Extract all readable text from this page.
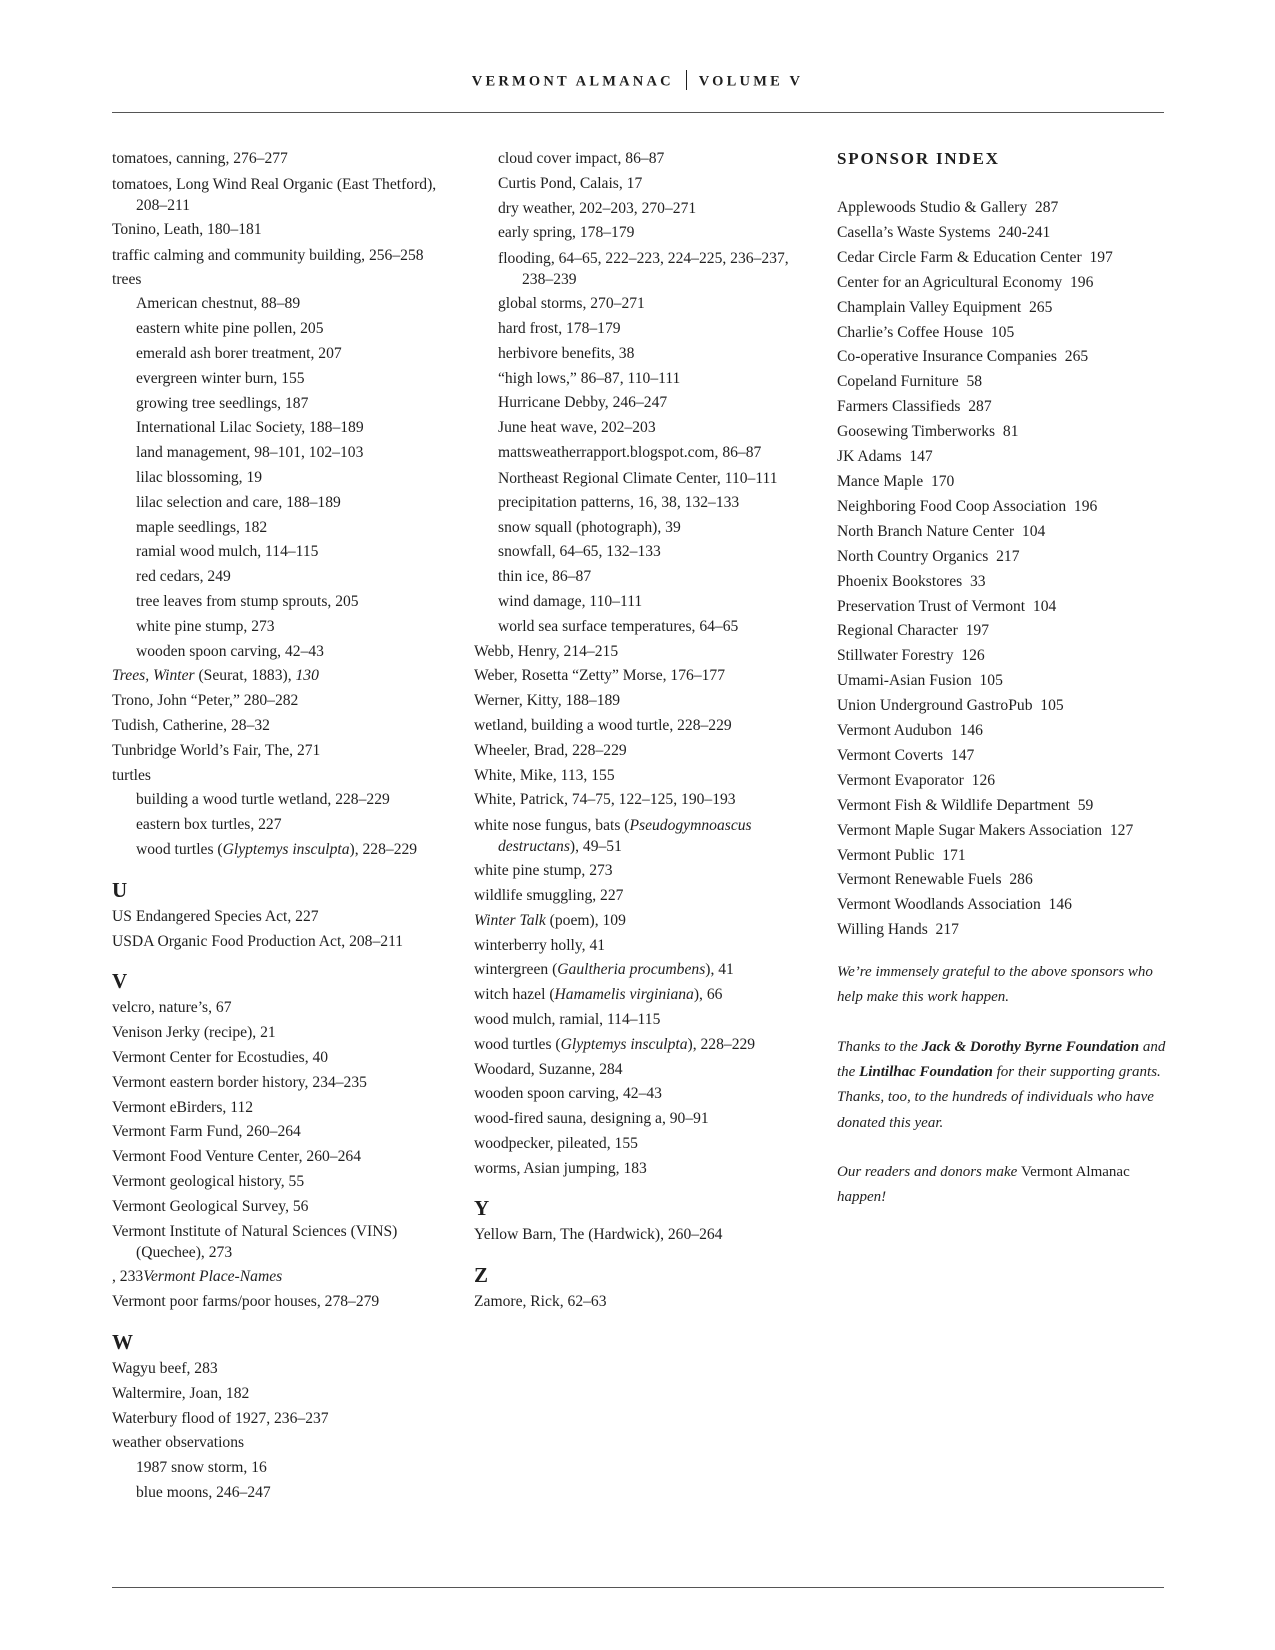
VERMONT ALMANAC VOLUME V
tomatoes, canning, 276–277
tomatoes, Long Wind Real Organic (East Thetford), 208–211
Tonino, Leath, 180–181
traffic calming and community building, 256–258
trees
American chestnut, 88–89
eastern white pine pollen, 205
emerald ash borer treatment, 207
evergreen winter burn, 155
growing tree seedlings, 187
International Lilac Society, 188–189
land management, 98–101, 102–103
lilac blossoming, 19
lilac selection and care, 188–189
maple seedlings, 182
ramial wood mulch, 114–115
red cedars, 249
tree leaves from stump sprouts, 205
white pine stump, 273
wooden spoon carving, 42–43
Trees, Winter (Seurat, 1883), 130
Trono, John “Peter,” 280–282
Tudish, Catherine, 28–32
Tunbridge World’s Fair, The, 271
turtles
building a wood turtle wetland, 228–229
eastern box turtles, 227
wood turtles (Glyptemys insculpta), 228–229
U
US Endangered Species Act, 227
USDA Organic Food Production Act, 208–211
V
velcro, nature’s, 67
Venison Jerky (recipe), 21
Vermont Center for Ecostudies, 40
Vermont eastern border history, 234–235
Vermont eBirders, 112
Vermont Farm Fund, 260–264
Vermont Food Venture Center, 260–264
Vermont geological history, 55
Vermont Geological Survey, 56
Vermont Institute of Natural Sciences (VINS) (Quechee), 273
, 233Vermont Place-Names
Vermont poor farms/poor houses, 278–279
W
Wagyu beef, 283
Waltermire, Joan, 182
Waterbury flood of 1927, 236–237
weather observations
1987 snow storm, 16
blue moons, 246–247
cloud cover impact, 86–87
Curtis Pond, Calais, 17
dry weather, 202–203, 270–271
early spring, 178–179
flooding, 64–65, 222–223, 224–225, 236–237, 238–239
global storms, 270–271
hard frost, 178–179
herbivore benefits, 38
“high lows,” 86–87, 110–111
Hurricane Debby, 246–247
June heat wave, 202–203
mattsweatherrapport.blogspot.com, 86–87
Northeast Regional Climate Center, 110–111
precipitation patterns, 16, 38, 132–133
snow squall (photograph), 39
snowfall, 64–65, 132–133
thin ice, 86–87
wind damage, 110–111
world sea surface temperatures, 64–65
Webb, Henry, 214–215
Weber, Rosetta “Zetty” Morse, 176–177
Werner, Kitty, 188–189
wetland, building a wood turtle, 228–229
Wheeler, Brad, 228–229
White, Mike, 113, 155
White, Patrick, 74–75, 122–125, 190–193
white nose fungus, bats (Pseudogymnoascus destructans), 49–51
white pine stump, 273
wildlife smuggling, 227
Winter Talk (poem), 109
winterberry holly, 41
wintergreen (Gaultheria procumbens), 41
witch hazel (Hamamelis virginiana), 66
wood mulch, ramial, 114–115
wood turtles (Glyptemys insculpta), 228–229
Woodard, Suzanne, 284
wooden spoon carving, 42–43
wood-fired sauna, designing a, 90–91
woodpecker, pileated, 155
worms, Asian jumping, 183
Y
Yellow Barn, The (Hardwick), 260–264
Z
Zamore, Rick, 62–63
SPONSOR INDEX
Applewoods Studio & Gallery  287
Casella’s Waste Systems  240-241
Cedar Circle Farm & Education Center  197
Center for an Agricultural Economy  196
Champlain Valley Equipment  265
Charlie’s Coffee House  105
Co-operative Insurance Companies  265
Copeland Furniture  58
Farmers Classifieds  287
Goosewing Timberworks  81
JK Adams  147
Mance Maple  170
Neighboring Food Coop Association  196
North Branch Nature Center  104
North Country Organics  217
Phoenix Bookstores  33
Preservation Trust of Vermont  104
Regional Character  197
Stillwater Forestry  126
Umami-Asian Fusion  105
Union Underground GastroPub  105
Vermont Audubon  146
Vermont Coverts  147
Vermont Evaporator  126
Vermont Fish & Wildlife Department  59
Vermont Maple Sugar Makers Association  127
Vermont Public  171
Vermont Renewable Fuels  286
Vermont Woodlands Association  146
Willing Hands  217

We’re immensely grateful to the above sponsors who help make this work happen.

Thanks to the Jack & Dorothy Byrne Foundation and the Lintilhac Foundation for their supporting grants. Thanks, too, to the hundreds of individuals who have donated this year.

Our readers and donors make Vermont Almanac happen!
